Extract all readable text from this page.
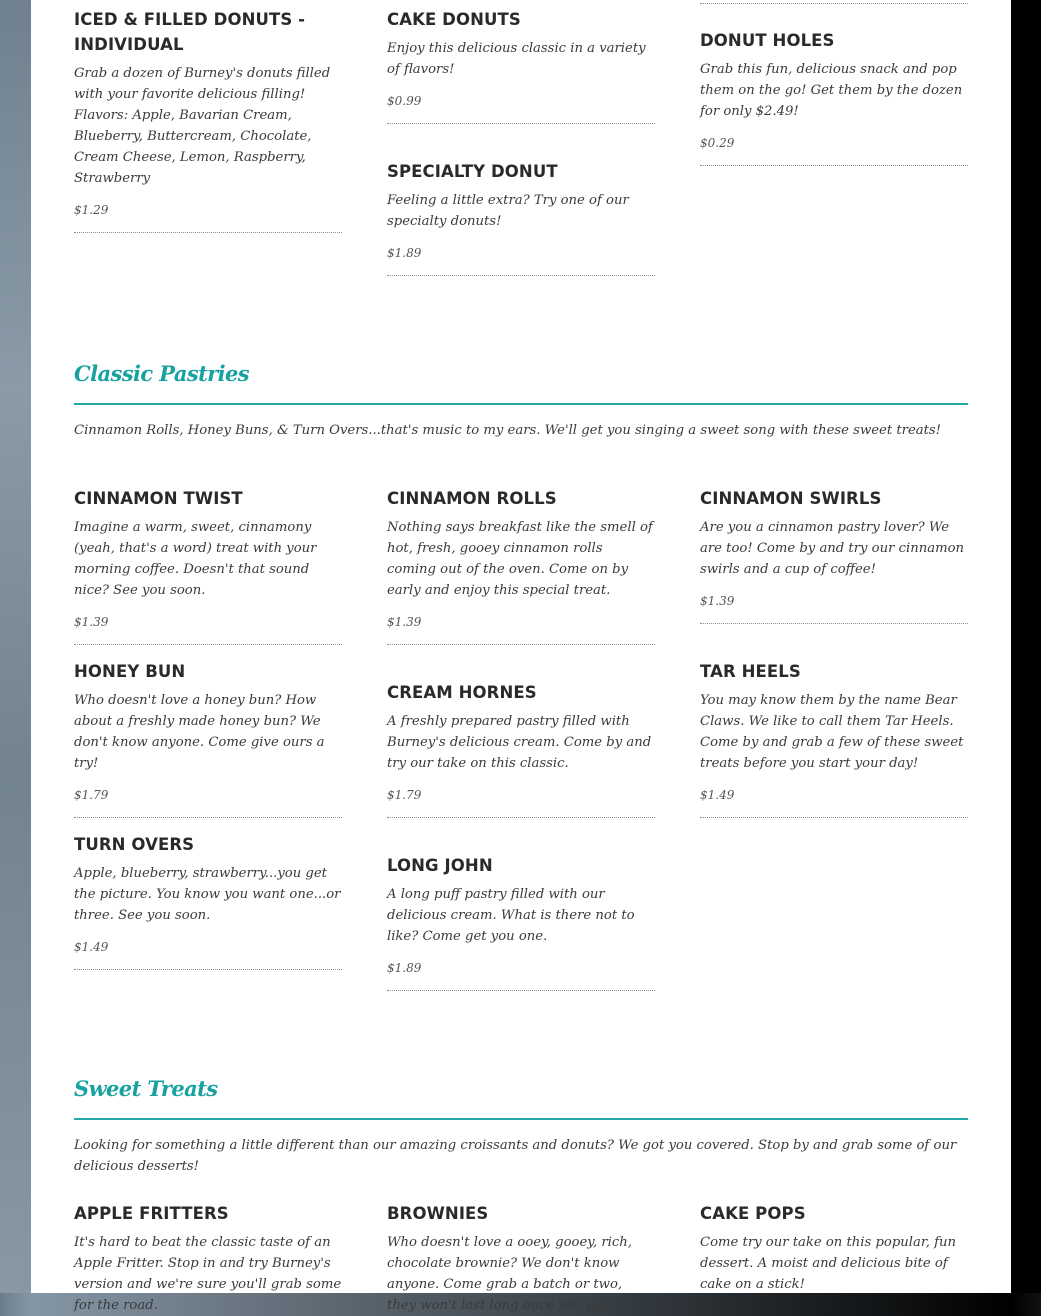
ICED & FILLED DONUTS - INDIVIDUAL

Grab a dozen of Burney's donuts filled with your favorite delicious filling! Flavors: Apple, Bavarian Cream, Blueberry, Buttercream, Chocolate, Cream Cheese, Lemon, Raspberry, Strawberry

$1.29
CAKE DONUTS

Enjoy this delicious classic in a variety of flavors!

$0.99
DONUT HOLES

Grab this fun, delicious snack and pop them on the go! Get them by the dozen for only $2.49!

$0.29
SPECIALTY DONUT

Feeling a little extra? Try one of our specialty donuts!

$1.89
Classic Pastries

Cinnamon Rolls, Honey Buns, & Turn Overs...that's music to my ears. We'll get you singing a sweet song with these sweet treats!

CINNAMON TWIST

Imagine a warm, sweet, cinnamony (yeah, that's a word) treat with your morning coffee. Doesn't that sound nice? See you soon.

$1.39
CINNAMON ROLLS

Nothing says breakfast like the smell of hot, fresh, gooey cinnamon rolls coming out of the oven. Come on by early and enjoy this special treat.

$1.39
CINNAMON SWIRLS

Are you a cinnamon pastry lover? We are too! Come by and try our cinnamon swirls and a cup of coffee!

$1.39
HONEY BUN

Who doesn't love a honey bun? How about a freshly made honey bun? We don't know anyone. Come give ours a try!

$1.79
CREAM HORNES

A freshly prepared pastry filled with Burney's delicious cream. Come by and try our take on this classic.

$1.79
TAR HEELS

You may know them by the name Bear Claws. We like to call them Tar Heels. Come by and grab a few of these sweet treats before you start your day!

$1.49
TURN OVERS

Apple, blueberry, strawberry...you get the picture. You know you want one...or three. See you soon.

$1.49
LONG JOHN

A long puff pastry filled with our delicious cream. What is there not to like? Come get you one.

$1.89
Sweet Treats

Looking for something a little different than our amazing croissants and donuts? We got you covered. Stop by and grab some of our delicious desserts!

APPLE FRITTERS

It's hard to beat the classic taste of an Apple Fritter. Stop in and try Burney's version and we're sure you'll grab some for the road.

BROWNIES

Who doesn't love a ooey, gooey, rich, chocolate brownie? We don't know anyone. Come grab a batch or two, they won't last long once you get

CAKE POPS

Come try our take on this popular, fun dessert. A moist and delicious bite of cake on a stick!
